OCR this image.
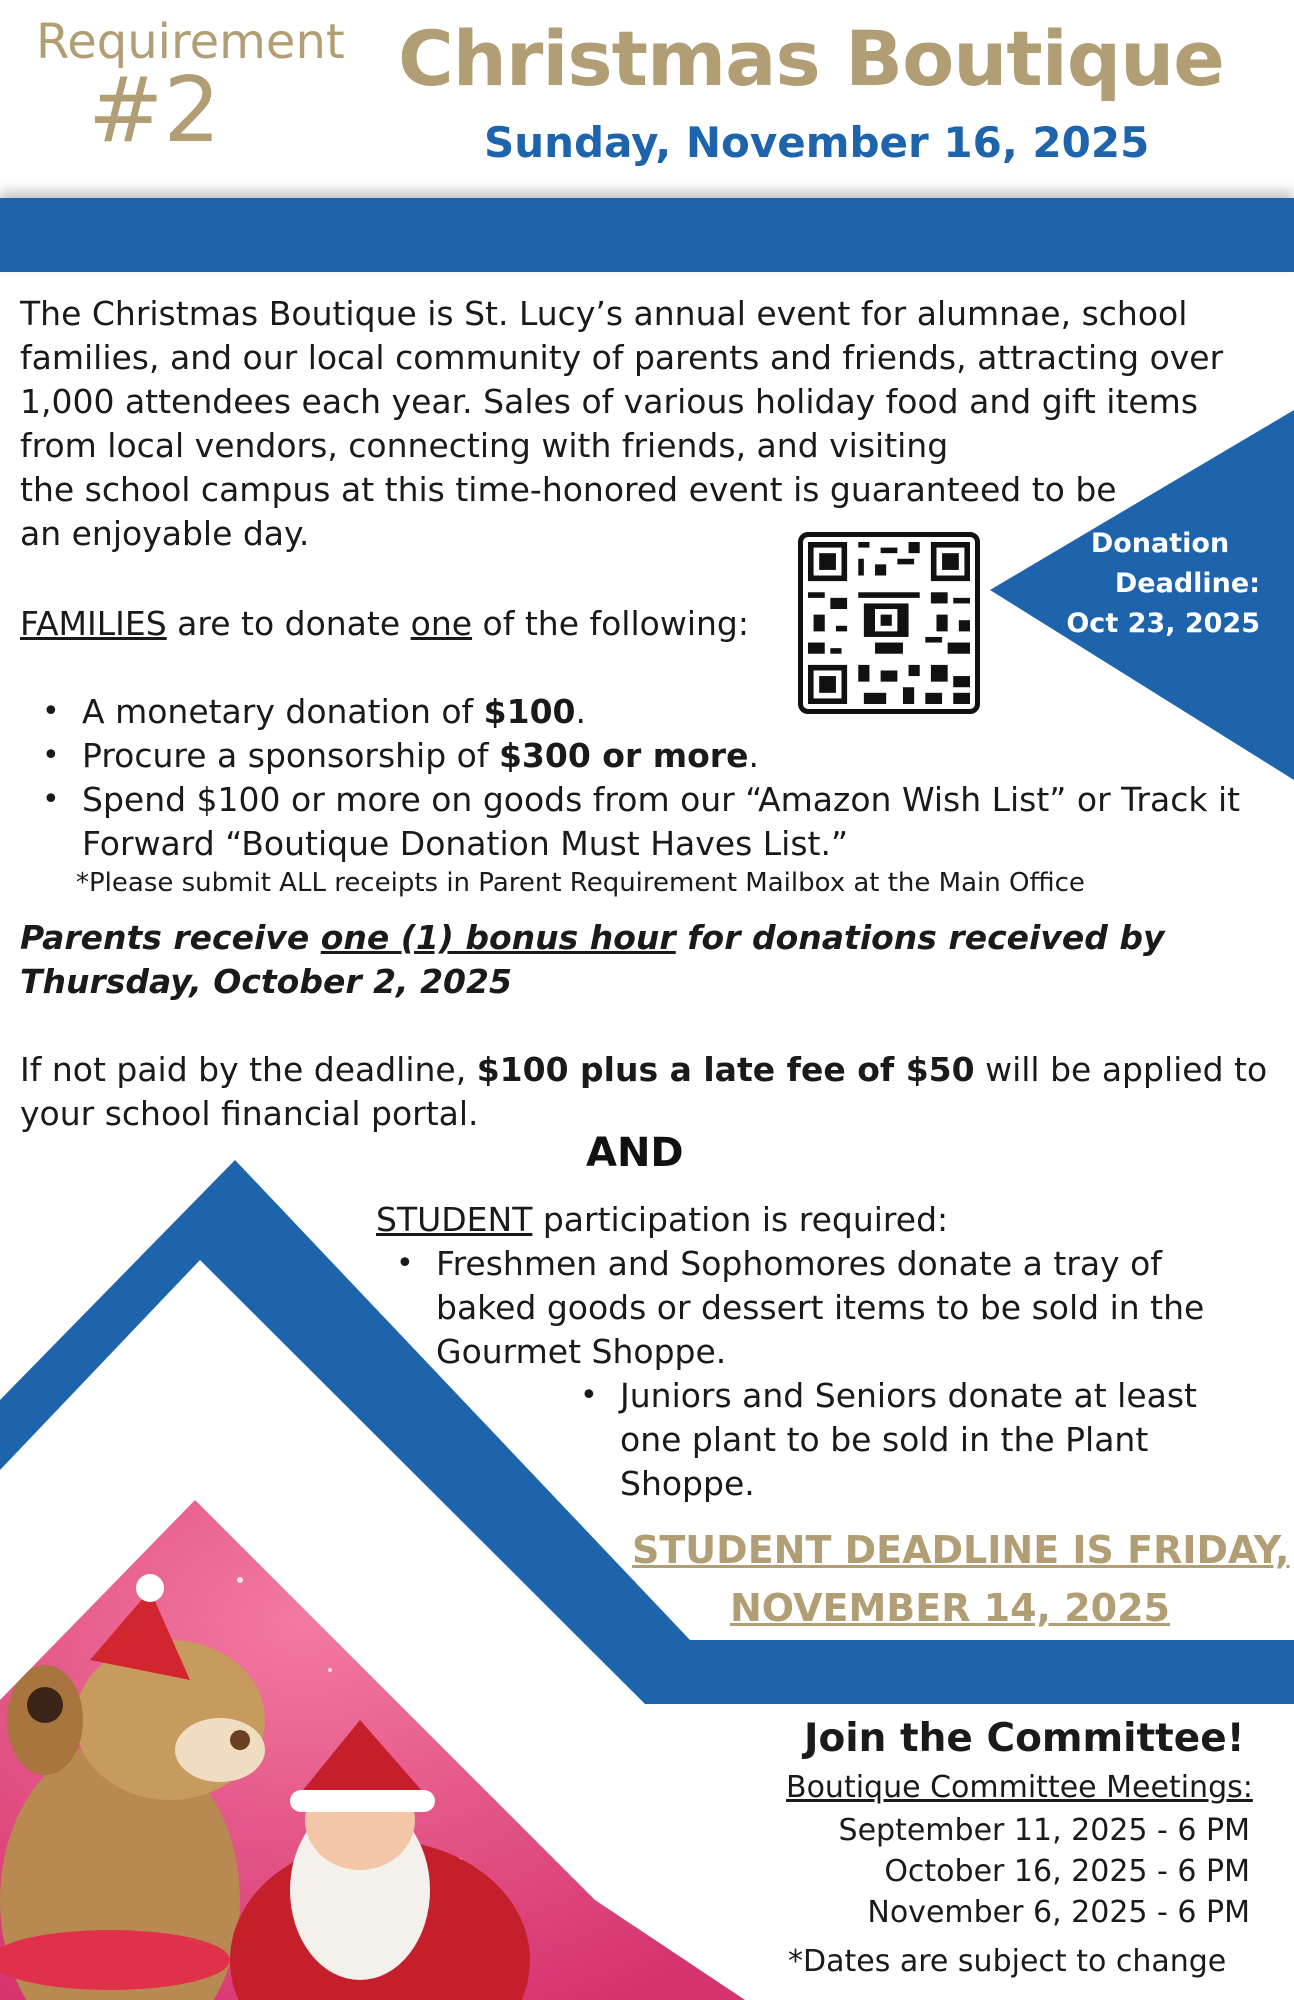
Requirement
#2 Christmas Boutique
Sunday, November 16, 2025
Donation
Deadline:
Oct 23, 2025
The Christmas Boutique is St. Lucy’s annual event for alumnae, school
families, and our local community of parents and friends, attracting over
1,000 attendees each year. Sales of various holiday food and gift items
from local vendors, connecting with friends, and visiting
the school campus at this time-honored event is guaranteed to be
an enjoyable day.
FAMILIES are to donate one of the following:
• A monetary donation of $100.
• Procure a sponsorship of $300 or more.
• Spend $100 or more on goods from our “Amazon Wish List” or Track it
Forward “Boutique Donation Must Haves List.”
*Please submit ALL receipts in Parent Requirement Mailbox at the Main Office
Parents receive one (1) bonus hour for donations received by
Thursday, October 2, 2025
If not paid by the deadline, $100 plus a late fee of $50 will be applied to
your school financial portal.
AND
STUDENT participation is required:
• Freshmen and Sophomores donate a tray of
baked goods or dessert items to be sold in the
Gourmet Shoppe.
• Juniors and Seniors donate at least
one plant to be sold in the Plant
Shoppe.
STUDENT DEADLINE IS FRIDAY,
NOVEMBER 14, 2025
Join the Committee!
Boutique Committee Meetings:
September 11, 2025 - 6 PM
October 16, 2025 - 6 PM
November 6, 2025 - 6 PM
*Dates are subject to change
